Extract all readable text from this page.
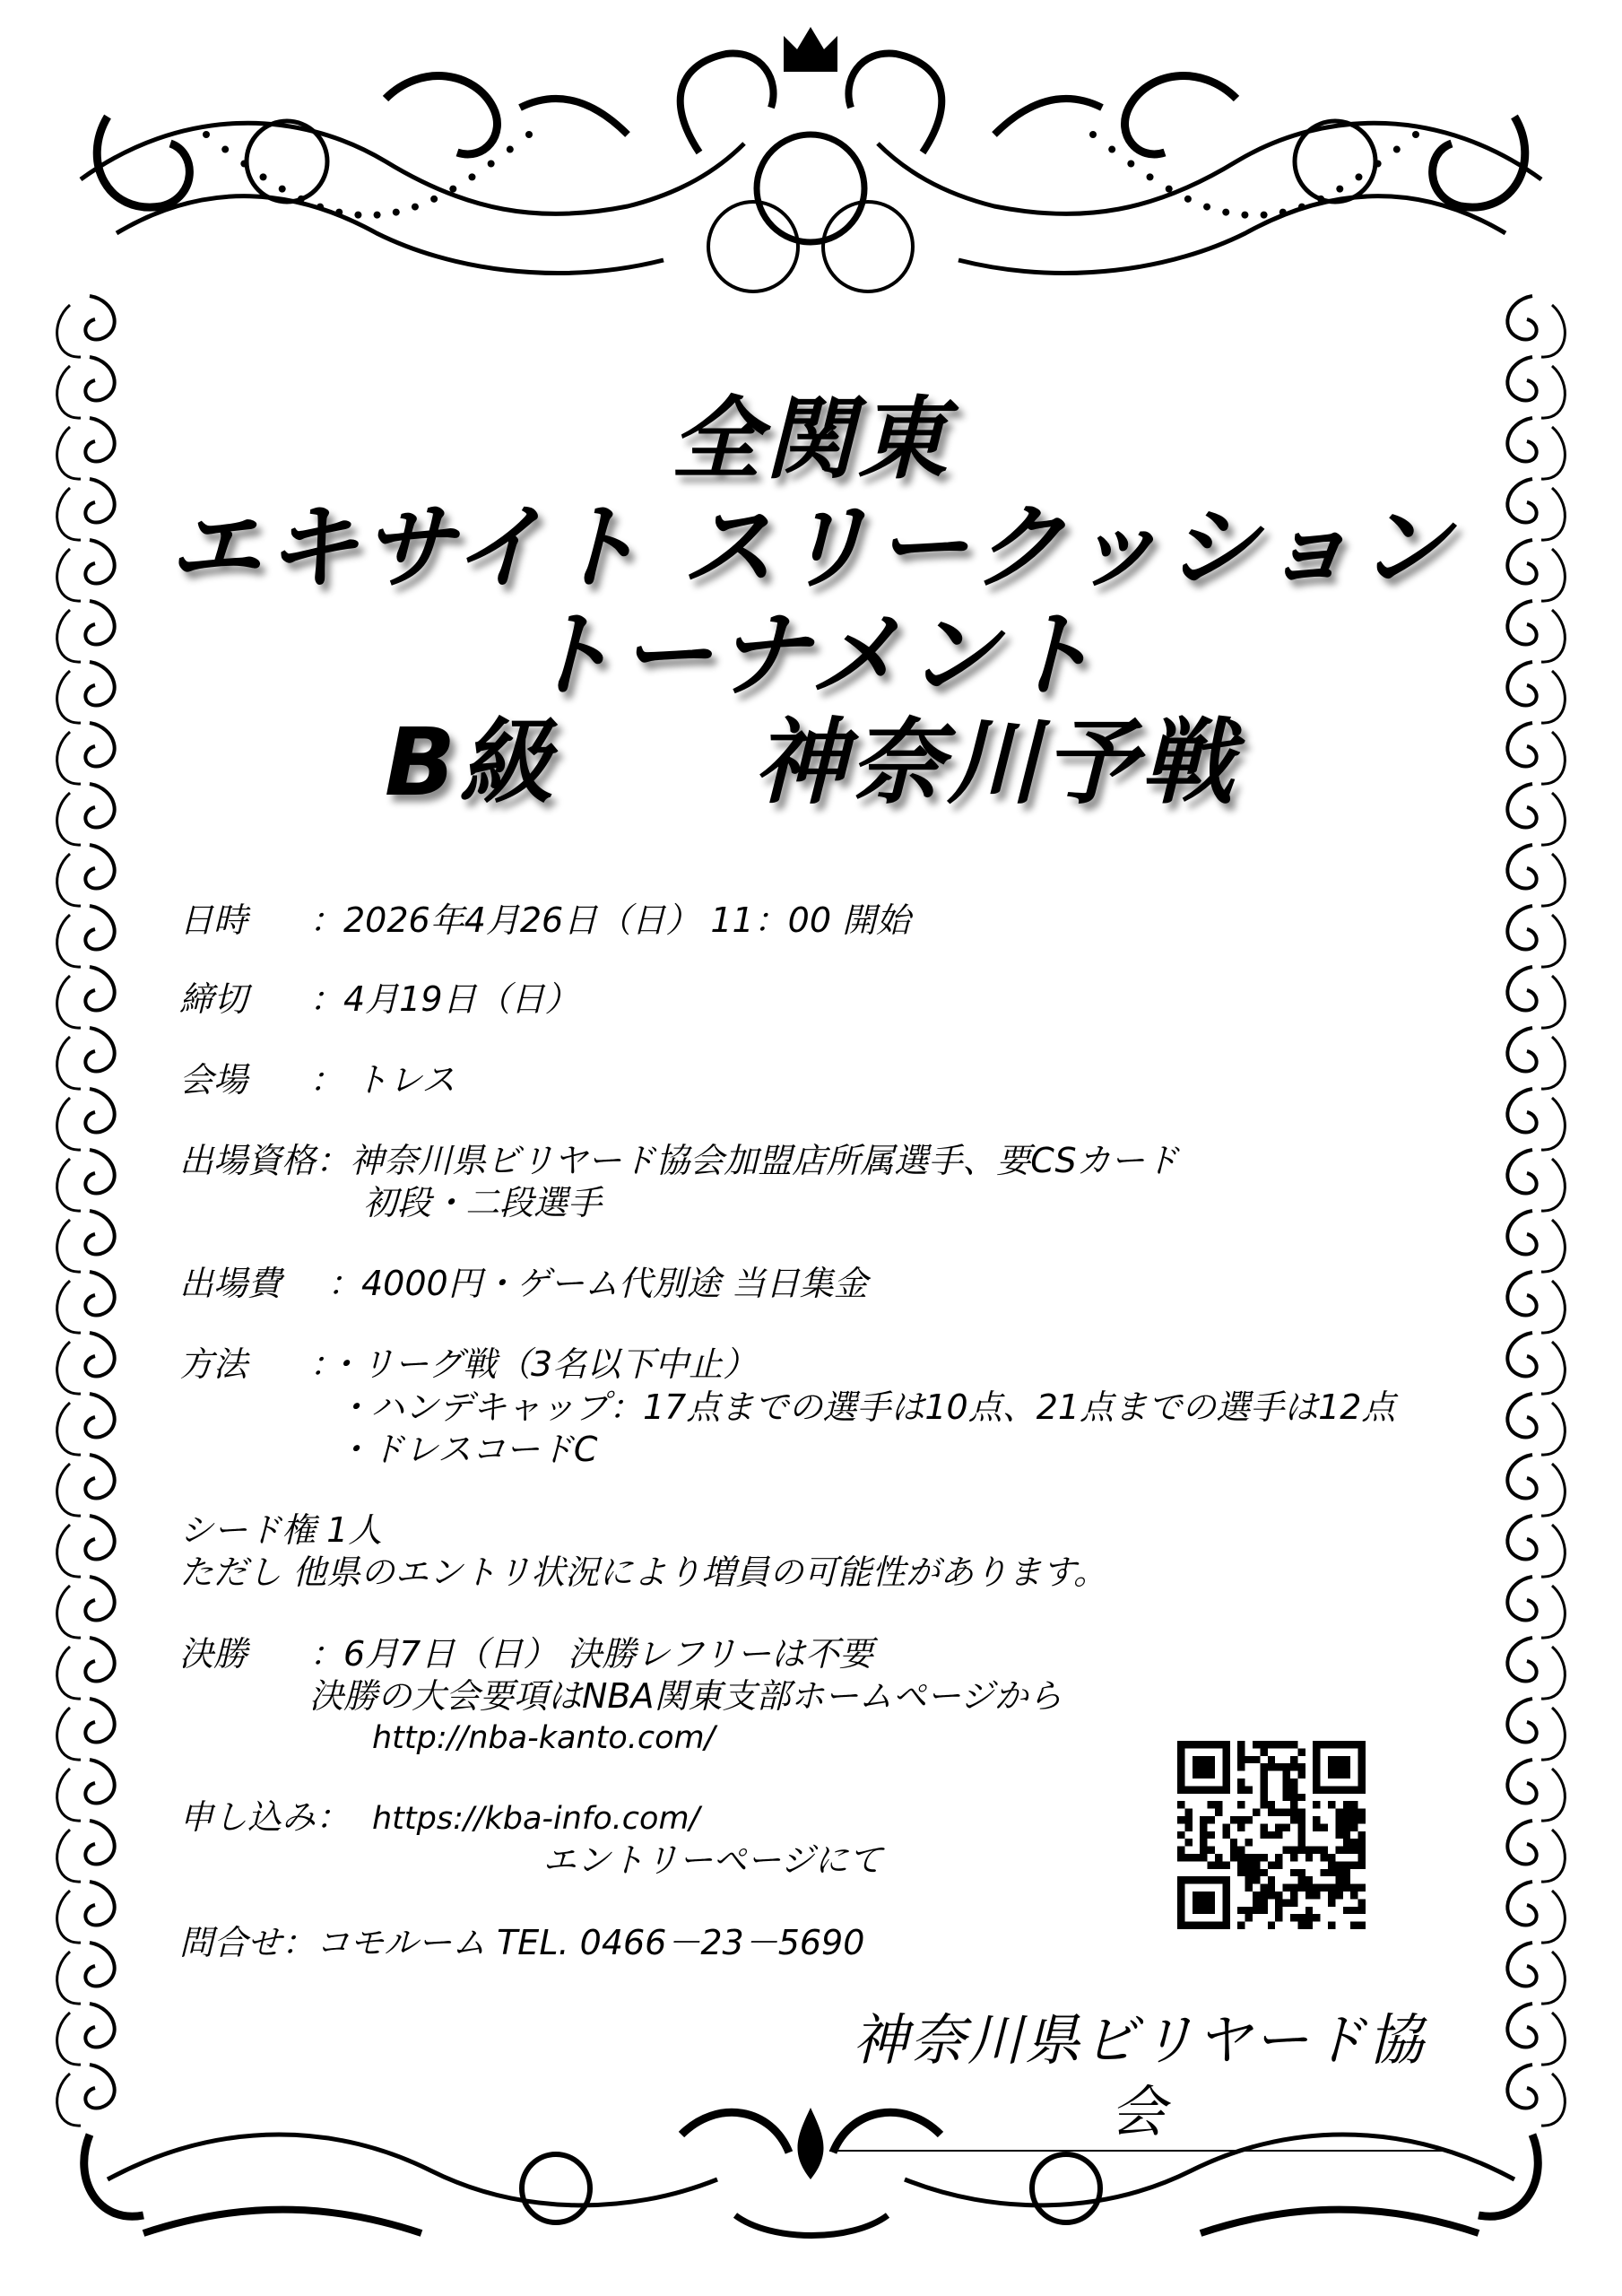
全関東

エキサイト スリークッション

トーナメント

B級 神奈川予戦

日時 ：2026年4月26日（日） 11：00 開始
締切 ：4月19日（日）
会場 ： トレス
出場資格：神奈川県ビリヤード協会加盟店所属選手、要CSカード
初段・二段選手
出場費 ：4000円・ゲーム代別途 当日集金
方法 ：・リーグ戦（3名以下中止）
・ハンデキャップ：17点までの選手は10点、21点までの選手は12点
・ドレスコードC
シード権 1人
ただし 他県のエントリ状況により増員の可能性があります。
決勝 ：6月7日（日） 決勝レフリーは不要
決勝の大会要項はNBA関東支部ホームページから
http://nba-kanto.com/
申し込み： https://kba-info.com/
エントリーページにて
問合せ：コモルーム TEL. 0466－23－5690
神奈川県ビリヤード協会
